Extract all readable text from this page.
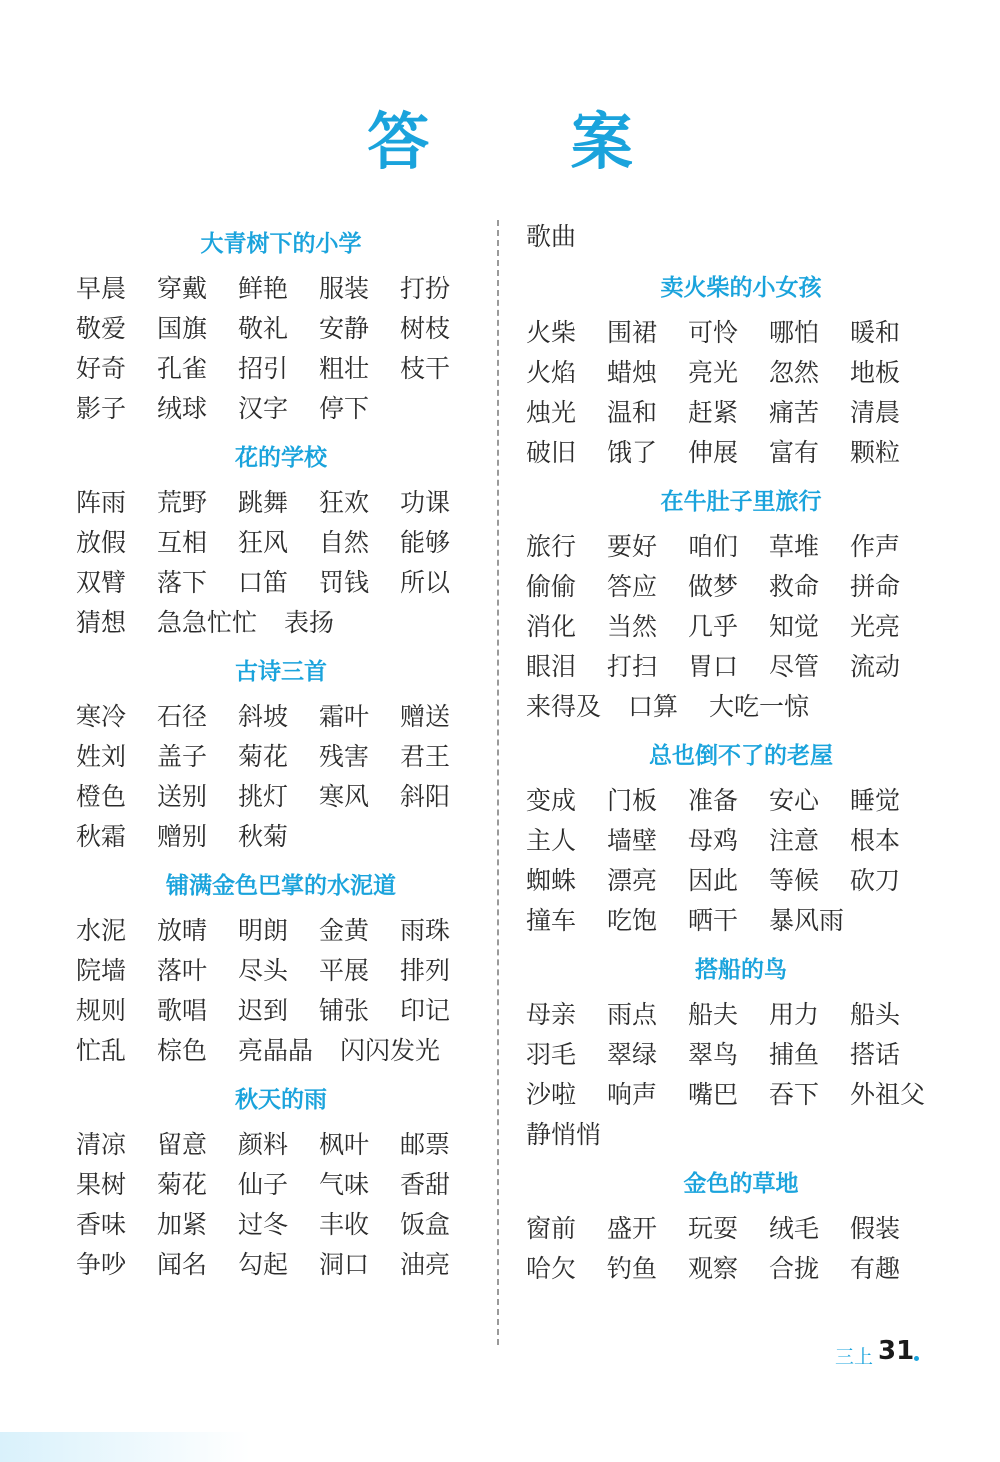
答 案
大青树下的小学
早晨 穿戴 鲜艳 服装 打扮
敬爱 国旗 敬礼 安静 树枝
好奇 孔雀 招引 粗壮 枝干
影子 绒球 汉字 停下
花的学校
阵雨 荒野 跳舞 狂欢 功课
放假 互相 狂风 自然 能够
双臂 落下 口笛 罚钱 所以
猜想 急急忙忙 表扬
古诗三首
寒冷 石径 斜坡 霜叶 赠送
姓刘 盖子 菊花 残害 君王
橙色 送别 挑灯 寒风 斜阳
秋霜 赠别 秋菊
铺满金色巴掌的水泥道
水泥 放晴 明朗 金黄 雨珠
院墙 落叶 尽头 平展 排列
规则 歌唱 迟到 铺张 印记
忙乱 棕色 亮晶晶 闪闪发光
秋天的雨
清凉 留意 颜料 枫叶 邮票
果树 菊花 仙子 气味 香甜
香味 加紧 过冬 丰收 饭盒
争吵 闻名 勾起 洞口 油亮
歌曲
卖火柴的小女孩
火柴 围裙 可怜 哪怕 暖和
火焰 蜡烛 亮光 忽然 地板
烛光 温和 赶紧 痛苦 清晨
破旧 饿了 伸展 富有 颗粒
在牛肚子里旅行
旅行 要好 咱们 草堆 作声
偷偷 答应 做梦 救命 拼命
消化 当然 几乎 知觉 光亮
眼泪 打扫 胃口 尽管 流动
来得及 口算 大吃一惊
总也倒不了的老屋
变成 门板 准备 安心 睡觉
主人 墙壁 母鸡 注意 根本
蜘蛛 漂亮 因此 等候 砍刀
撞车 吃饱 晒干 暴风雨
搭船的鸟
母亲 雨点 船夫 用力 船头
羽毛 翠绿 翠鸟 捕鱼 搭话
沙啦 响声 嘴巴 吞下 外祖父
静悄悄
金色的草地
窗前 盛开 玩耍 绒毛 假装
哈欠 钓鱼 观察 合拢 有趣
三上 31
